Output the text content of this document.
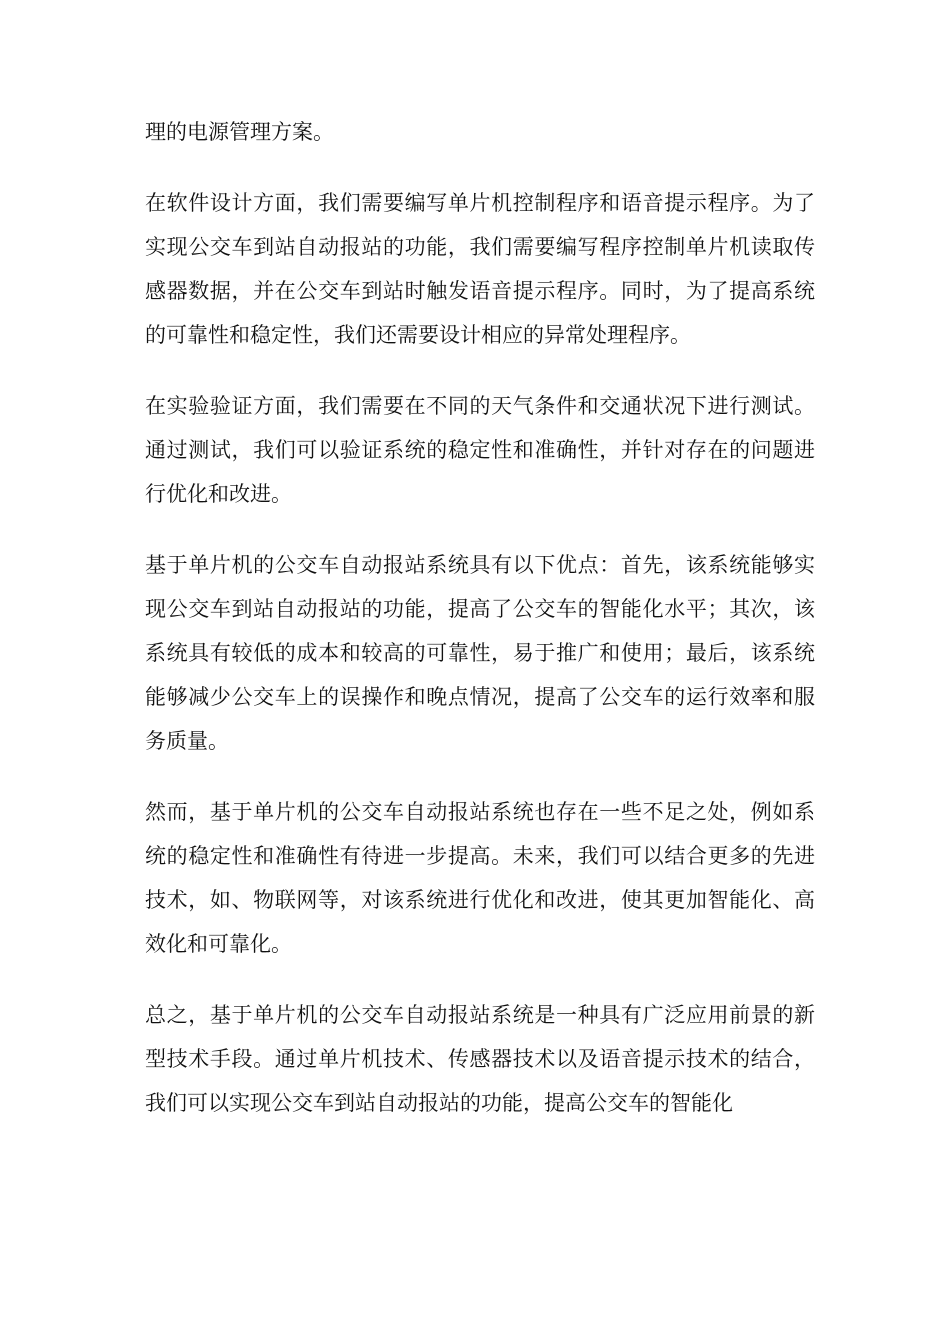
理的电源管理方案。

在软件设计方面，我们需要编写单片机控制程序和语音提示程序。为了实现公交车到站自动报站的功能，我们需要编写程序控制单片机读取传感器数据，并在公交车到站时触发语音提示程序。同时，为了提高系统的可靠性和稳定性，我们还需要设计相应的异常处理程序。

在实验验证方面，我们需要在不同的天气条件和交通状况下进行测试。通过测试，我们可以验证系统的稳定性和准确性，并针对存在的问题进行优化和改进。

基于单片机的公交车自动报站系统具有以下优点：首先，该系统能够实现公交车到站自动报站的功能，提高了公交车的智能化水平；其次，该系统具有较低的成本和较高的可靠性，易于推广和使用；最后，该系统能够减少公交车上的误操作和晚点情况，提高了公交车的运行效率和服务质量。

然而，基于单片机的公交车自动报站系统也存在一些不足之处，例如系统的稳定性和准确性有待进一步提高。未来，我们可以结合更多的先进技术，如、物联网等，对该系统进行优化和改进，使其更加智能化、高效化和可靠化。

总之，基于单片机的公交车自动报站系统是一种具有广泛应用前景的新型技术手段。通过单片机技术、传感器技术以及语音提示技术的结合，我们可以实现公交车到站自动报站的功能，提高公交车的智能化
